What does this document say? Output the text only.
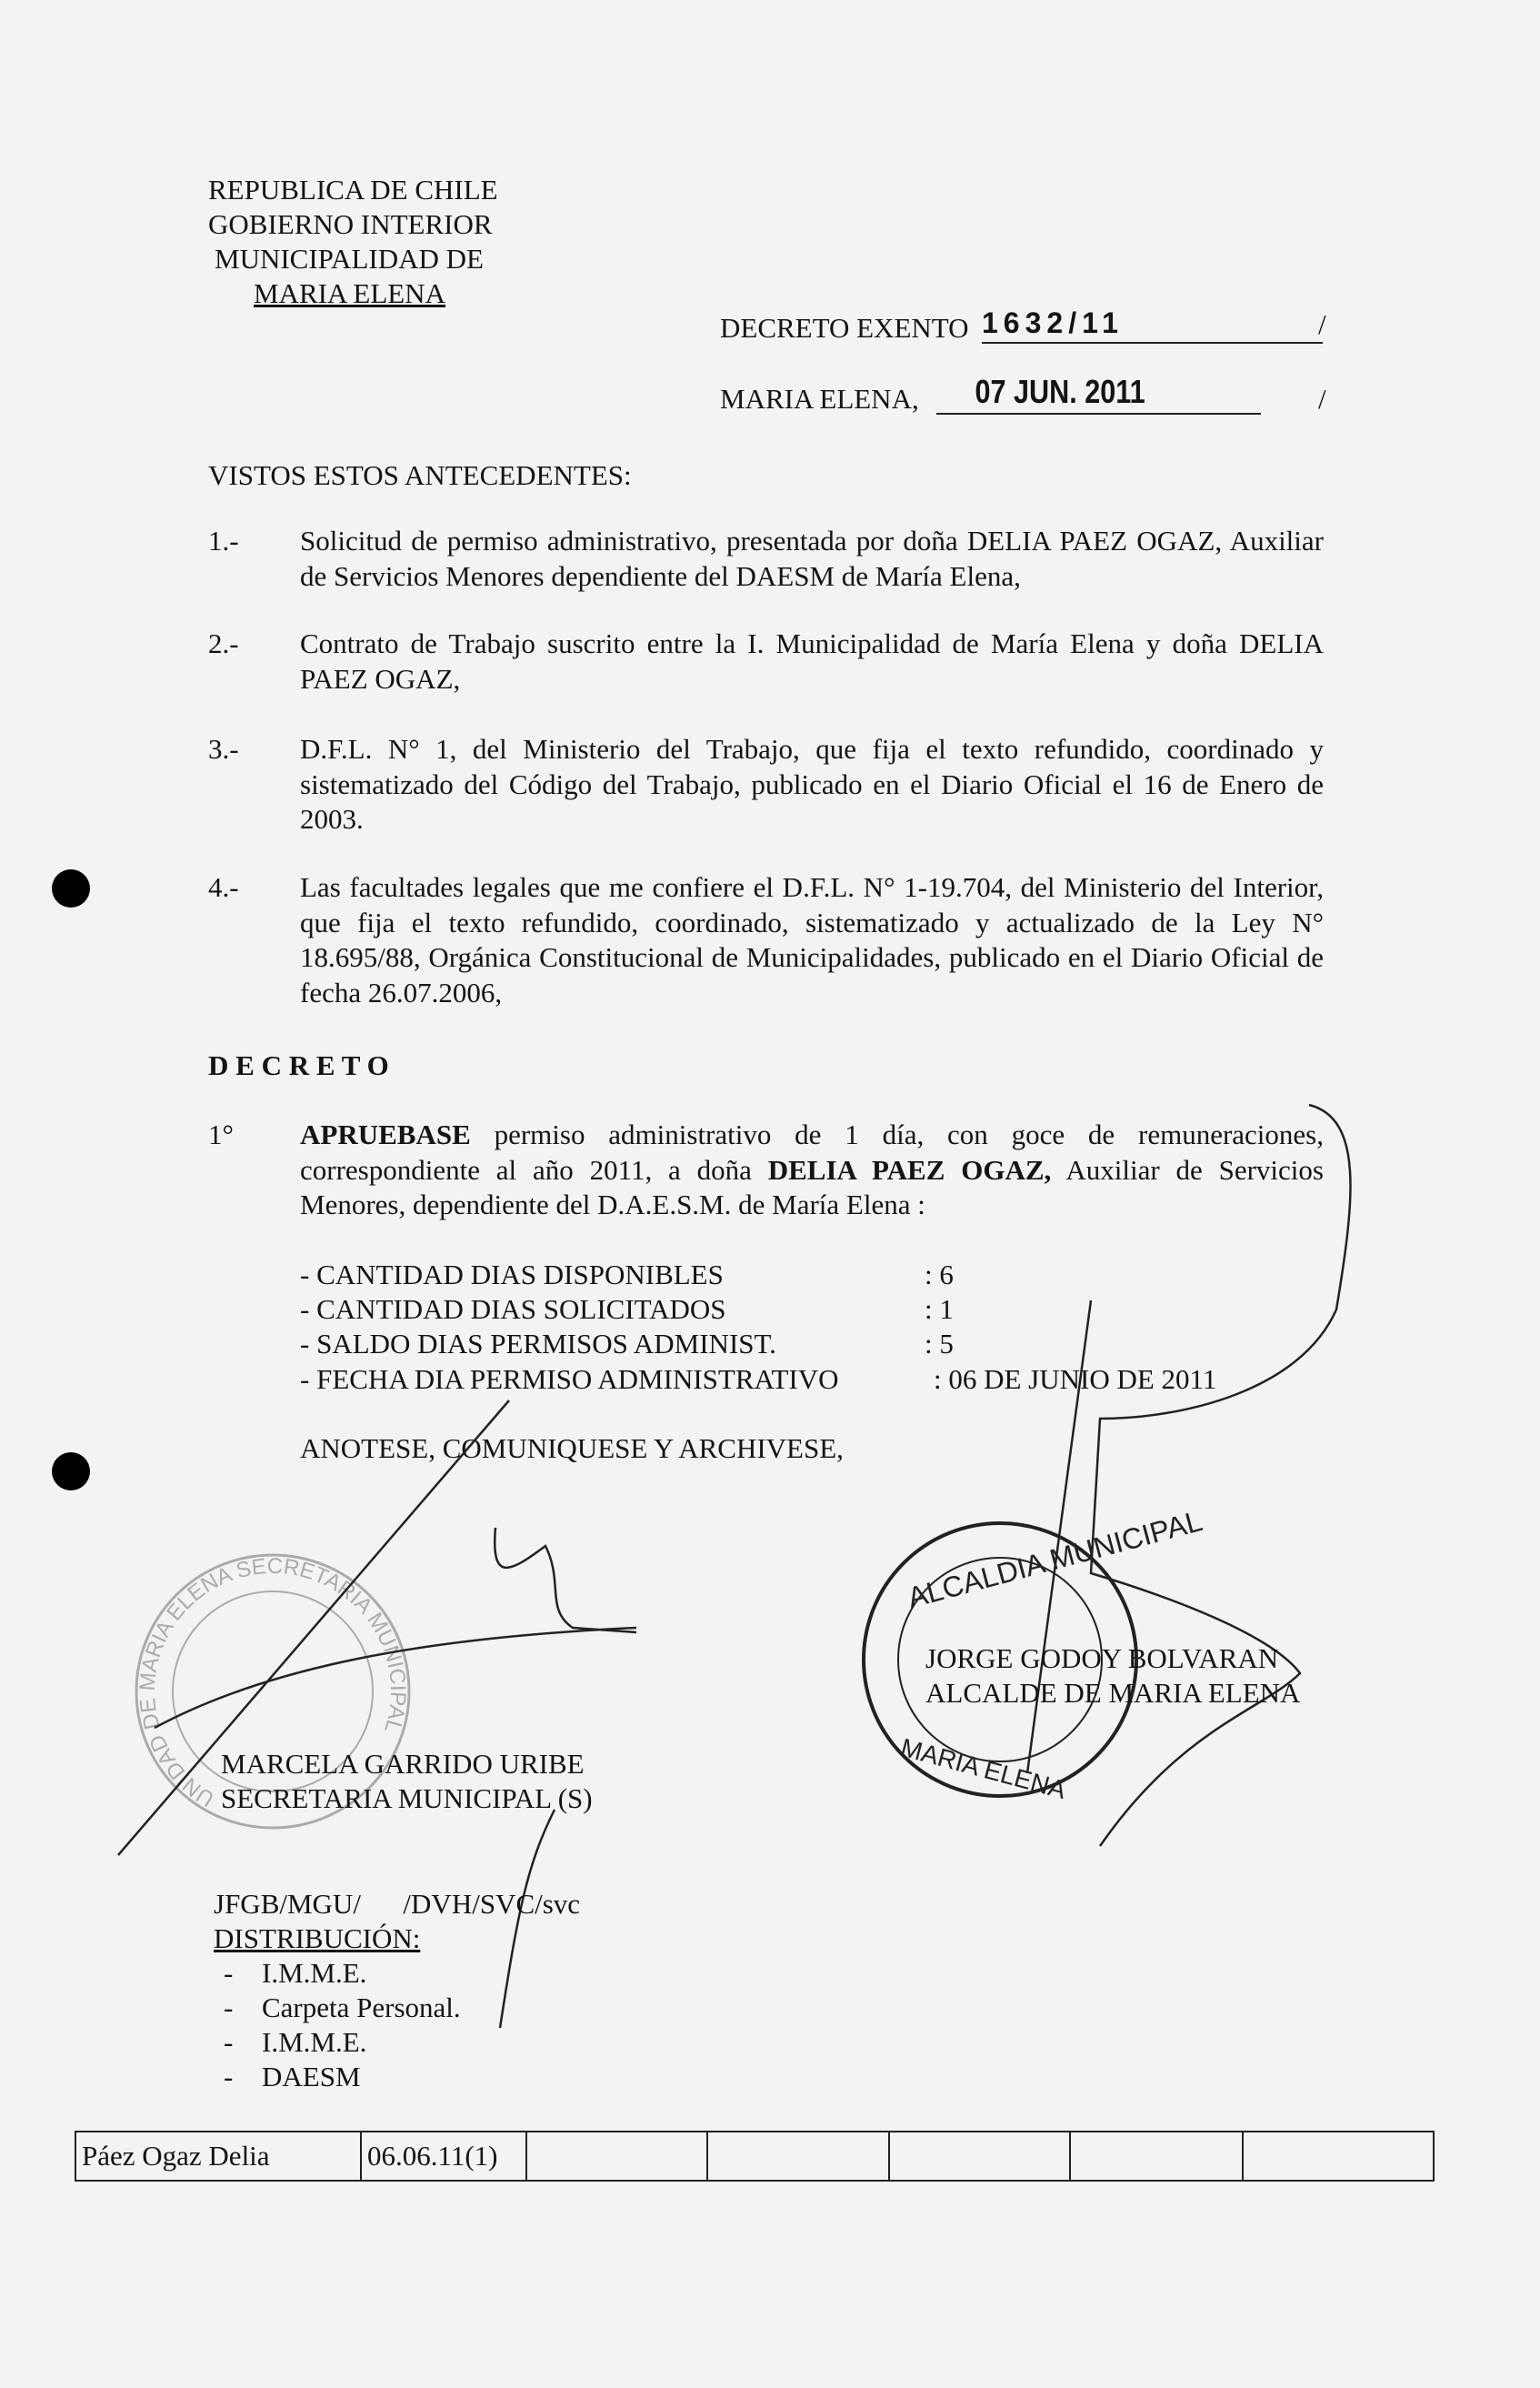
REPUBLICA DE CHILE
GOBIERNO INTERIOR
MUNICIPALIDAD DE
MARIA ELENA
DECRETO EXENTO 1632/11	/
MARIA ELENA,	07 JUN. 2011	/
VISTOS ESTOS ANTECEDENTES:
1.- Solicitud de permiso administrativo, presentada por doña DELIA PAEZ OGAZ, Auxiliar de Servicios Menores dependiente del DAESM de María Elena,
2.- Contrato de Trabajo suscrito entre la I. Municipalidad de María Elena y doña DELIA PAEZ OGAZ,
3.- D.F.L. N° 1, del Ministerio del Trabajo, que fija el texto refundido, coordinado y sistematizado del Código del Trabajo, publicado en el Diario Oficial el 16 de Enero de 2003.
4.- Las facultades legales que me confiere el D.F.L. N° 1-19.704, del Ministerio del Interior, que fija el texto refundido, coordinado, sistematizado y actualizado de la Ley N° 18.695/88, Orgánica Constitucional de Municipalidades, publicado en el Diario Oficial de fecha 26.07.2006,
D E C R E T O
1° APRUEBASE permiso administrativo de 1 día, con goce de remuneraciones, correspondiente al año 2011, a doña DELIA PAEZ OGAZ, Auxiliar de Servicios Menores, dependiente del D.A.E.S.M. de María Elena :
- CANTIDAD DIAS DISPONIBLES	: 6
- CANTIDAD DIAS SOLICITADOS	: 1
- SALDO DIAS PERMISOS ADMINIST.	: 5
- FECHA DIA PERMISO ADMINISTRATIVO	: 06 DE JUNIO DE 2011
ANOTESE, COMUNIQUESE Y ARCHIVESE,
UNIDAD DE MARIA ELENA SECRETARIA MUNICIPAL
ALCALDIA MUNICIPAL
MARIA ELENA
MARCELA GARRIDO URIBE
SECRETARIA MUNICIPAL (S)
JORGE GODOY BOLVARAN
ALCALDE DE MARIA ELENA
JFGB/MGU/      /DVH/SVC/svc
DISTRIBUCIÓN:
- I.M.M.E.
- Carpeta Personal.
- I.M.M.E.
- DAESM
Páez Ogaz Delia	06.06.11(1)					
